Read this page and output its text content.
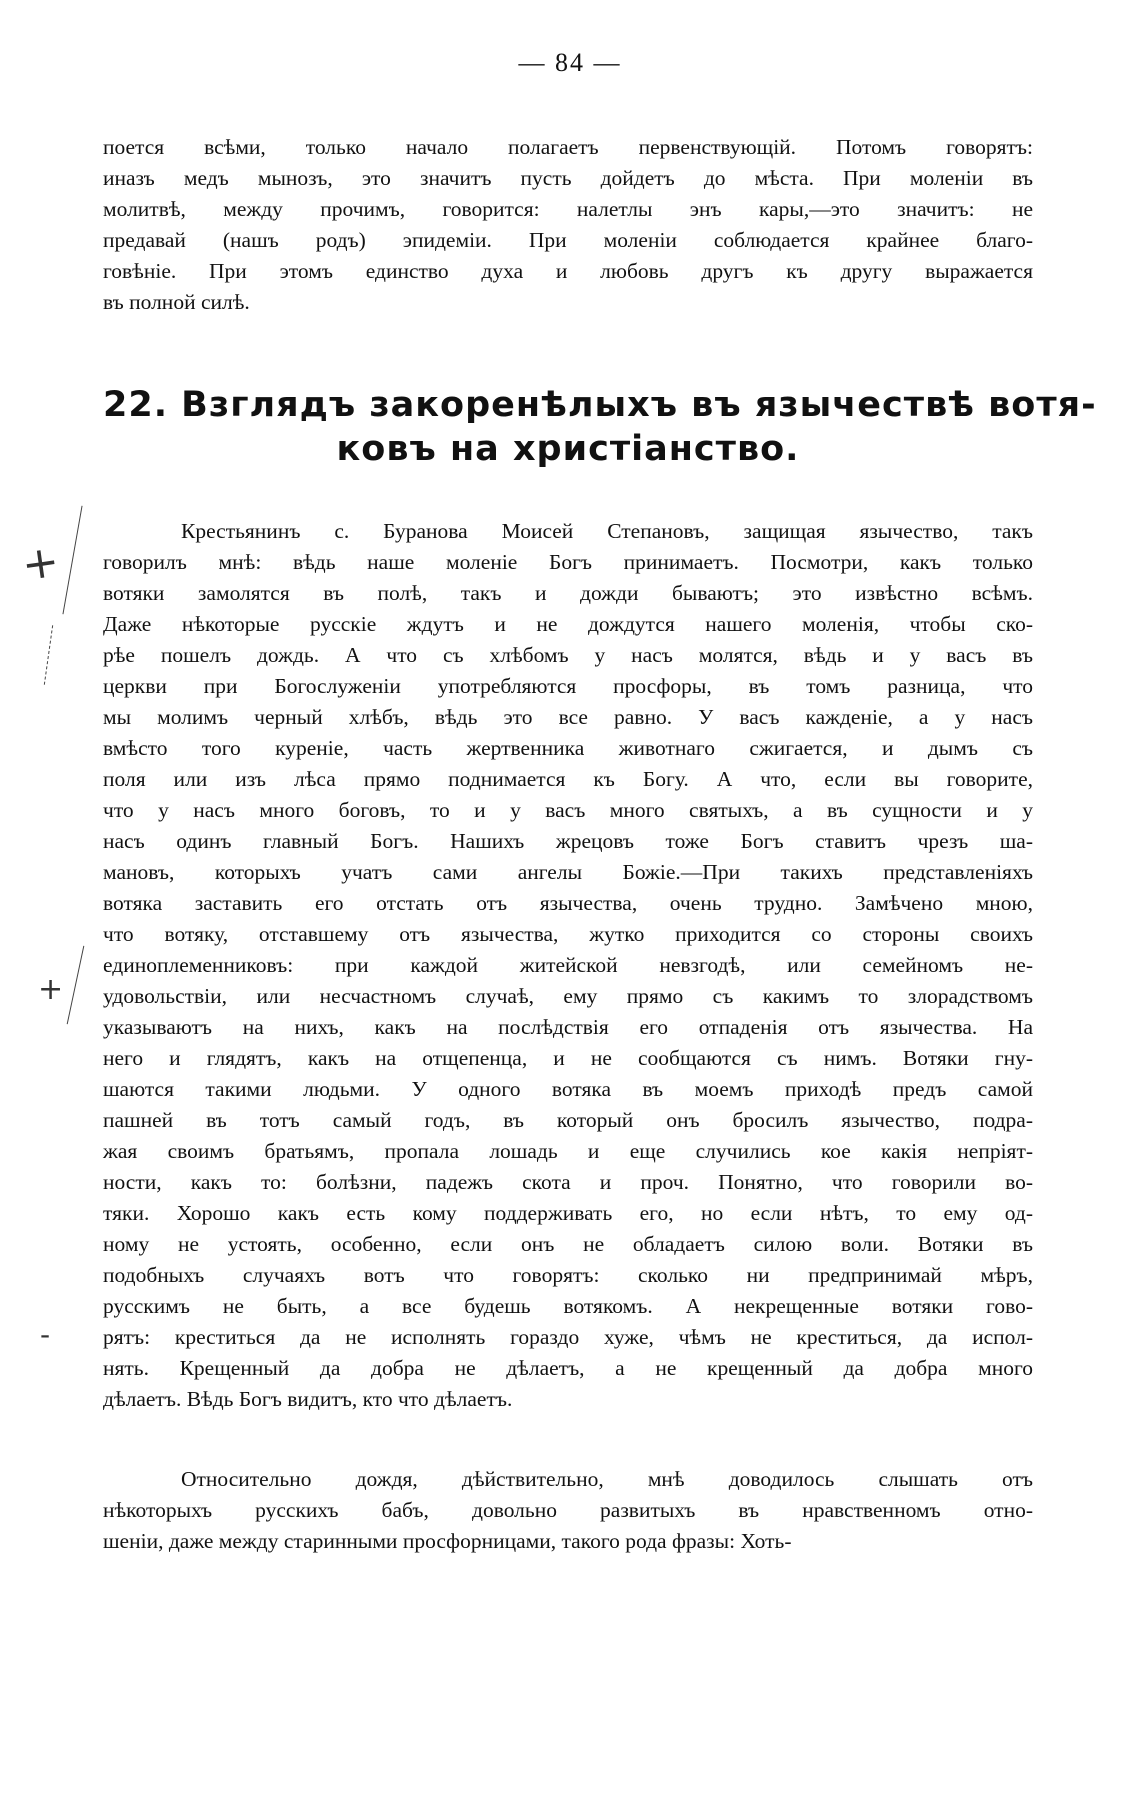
— 84 —

поется всѣми, только начало полагаетъ первенствующій. Потомъ говорятъ:
иназъ медъ мынозъ, это значитъ пусть дойдетъ до мѣста. При моленіи въ
молитвѣ, между прочимъ, говорится: налетлы энъ кары,—это значитъ: не
предавай (нашъ родъ) эпидеміи. При моленіи соблюдается крайнее благо-
говѣніе. При этомъ единство духа и любовь другъ къ другу выражается
въ полной силѣ.

22. Взглядъ закоренѣлыхъ въ язычествѣ вотя-
ковъ на христіанство.

Крестьянинъ с. Буранова Моисей Степановъ, защищая язычество, такъ
говорилъ мнѣ: вѣдь наше моленіе Богъ принимаетъ. Посмотри, какъ только
вотяки замолятся въ полѣ, такъ и дожди бываютъ; это извѣстно всѣмъ.
Даже нѣкоторые русскіе ждутъ и не дождутся нашего моленія, чтобы ско-
рѣе пошелъ дождь. А что съ хлѣбомъ у насъ молятся, вѣдь и у васъ въ
церкви при Богослуженіи употребляются просфоры, въ томъ разница, что
мы молимъ черный хлѣбъ, вѣдь это все равно. У васъ кажденіе, а у насъ
вмѣсто того куреніе, часть жертвенника животнаго сжигается, и дымъ съ
поля или изъ лѣса прямо поднимается къ Богу. А что, если вы говорите,
что у насъ много боговъ, то и у васъ много святыхъ, а въ сущности и у
насъ одинъ главный Богъ. Нашихъ жрецовъ тоже Богъ ставитъ чрезъ ша-
мановъ, которыхъ учатъ сами ангелы Божіе.—При такихъ представленіяхъ
вотяка заставить его отстать отъ язычества, очень трудно. Замѣчено мною,
что вотяку, отставшему отъ язычества, жутко приходится со стороны своихъ
единоплеменниковъ: при каждой житейской невзгодѣ, или семейномъ не-
удовольствіи, или несчастномъ случаѣ, ему прямо съ какимъ то злорадствомъ
указываютъ на нихъ, какъ на послѣдствія его отпаденія отъ язычества. На
него и глядятъ, какъ на отщепенца, и не сообщаются съ нимъ. Вотяки гну-
шаются такими людьми. У одного вотяка въ моемъ приходѣ предъ самой
пашней въ тотъ самый годъ, въ который онъ бросилъ язычество, подра-
жая своимъ братьямъ, пропала лошадь и еще случились кое какія непріят-
ности, какъ то: болѣзни, падежъ скота и проч. Понятно, что говорили во-
тяки. Хорошо какъ есть кому поддерживать его, но если нѣтъ, то ему од-
ному не устоять, особенно, если онъ не обладаетъ силою воли. Вотяки въ
подобныхъ случаяхъ вотъ что говорятъ: сколько ни предпринимай мѣръ,
русскимъ не быть, а все будешь вотякомъ. А некрещенные вотяки гово-
рятъ: креститься да не исполнять гораздо хуже, чѣмъ не креститься, да испол-
нять. Крещенный да добра не дѣлаетъ, а не крещенный да добра много
дѣлаетъ. Вѣдь Богъ видитъ, кто что дѣлаетъ.

Относительно дождя, дѣйствительно, мнѣ доводилось слышать отъ
нѣкоторыхъ русскихъ бабъ, довольно развитыхъ въ нравственномъ отно-
шеніи, даже между старинными просфорницами, такого рода фразы: Хоть-

+
+
-
